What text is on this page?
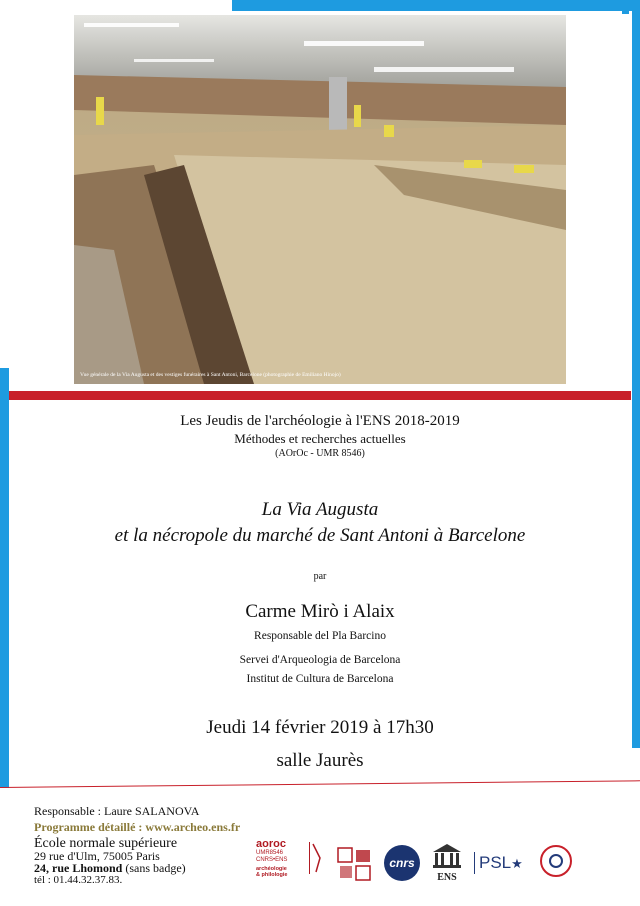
Vue générale de la Via Augusta et des vestiges funéraires à Sant Antoni, Barcelone (photographie de Emiliano Hinojo)
Les Jeudis de l'archéologie à l'ENS 2018-2019
Méthodes et recherches actuelles
(AOrOc - UMR 8546)
La Via Augusta
et la nécropole du marché de Sant Antoni à Barcelone
par
Carme Mirò i Alaix
Responsable del Pla Barcino
Servei d'Arqueologia de Barcelona
Institut de Cultura de Barcelona
Jeudi 14 février 2019 à 17h30
salle Jaurès
Responsable : Laure SALANOVA
Programme détaillé : www.archeo.ens.fr
École normale supérieure
29 rue d'Ulm, 75005 Paris
24, rue Lhomond (sans badge)
tél : 01.44.32.37.83.
aoroc
UMR8546
CNRS•ENS
archéologie
& philologie
cnrs
ENS
PSL★
